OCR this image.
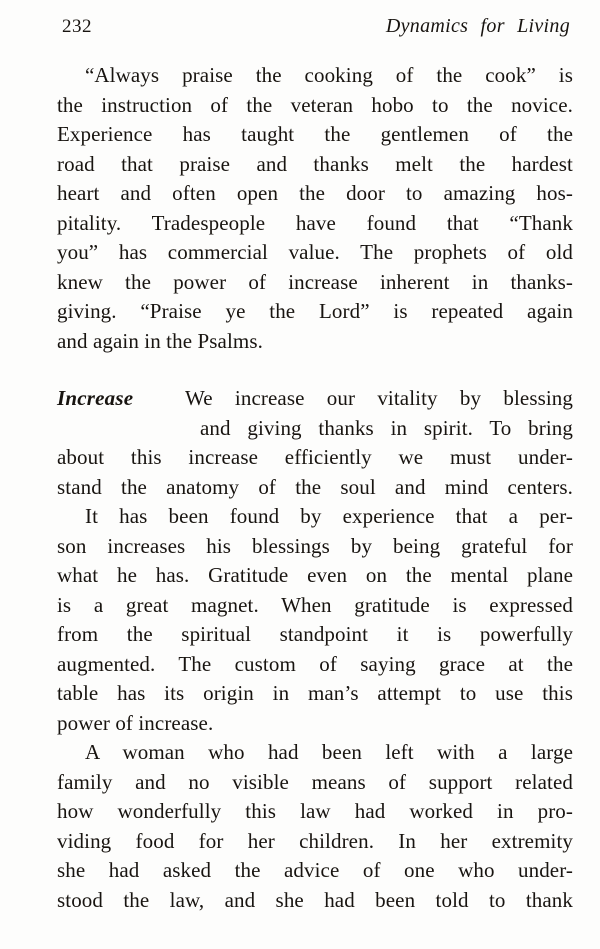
232	Dynamics for Living
“Always praise the cooking of the cook” is
the instruction of the veteran hobo to the novice.
Experience has taught the gentlemen of the
road that praise and thanks melt the hardest
heart and often open the door to amazing hos-
pitality. Tradespeople have found that “Thank
you” has commercial value. The prophets of old
knew the power of increase inherent in thanks-
giving. “Praise ye the Lord” is repeated again
and again in the Psalms.
Increase We increase our vitality by blessing
and giving thanks in spirit. To bring
about this increase efficiently we must under-
stand the anatomy of the soul and mind centers.
It has been found by experience that a per-
son increases his blessings by being grateful for
what he has. Gratitude even on the mental plane
is a great magnet. When gratitude is expressed
from the spiritual standpoint it is powerfully
augmented. The custom of saying grace at the
table has its origin in man’s attempt to use this
power of increase.
A woman who had been left with a large
family and no visible means of support related
how wonderfully this law had worked in pro-
viding food for her children. In her extremity
she had asked the advice of one who under-
stood the law, and she had been told to thank
